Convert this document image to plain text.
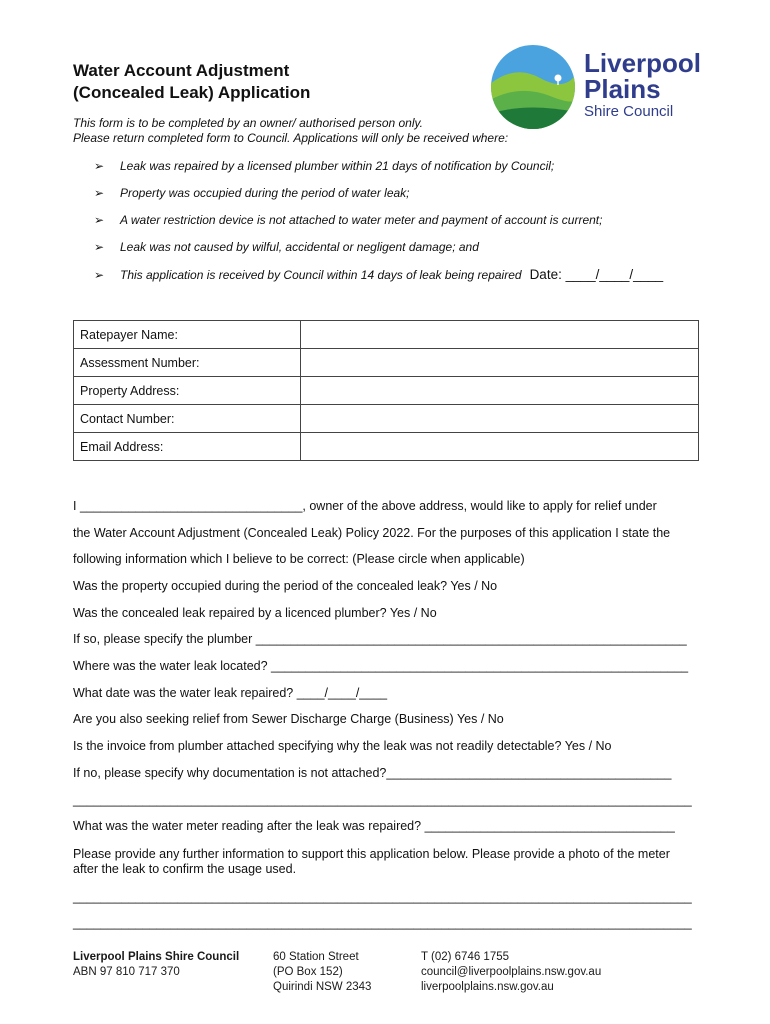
Water Account Adjustment
(Concealed Leak) Application
Liverpool
Plains
Shire Council
This form is to be completed by an owner/ authorised person only.
Please return completed form to Council. Applications will only be received where:
➢ Leak was repaired by a licensed plumber within 21 days of notification by Council;
➢ Property was occupied during the period of water leak;
➢ A water restriction device is not attached to water meter and payment of account is current;
➢ Leak was not caused by wilful, accidental or negligent damage; and
➢ This application is received by Council within 14 days of leak being repaired Date: ____/____/____
Ratepayer Name:	
Assessment Number:	
Property Address:	
Contact Number:	
Email Address:	
I ________________________________, owner of the above address, would like to apply for relief under
the Water Account Adjustment (Concealed Leak) Policy 2022. For the purposes of this application I state the
following information which I believe to be correct: (Please circle when applicable)
Was the property occupied during the period of the concealed leak? Yes / No
Was the concealed leak repaired by a licenced plumber? Yes / No
If so, please specify the plumber ______________________________________________________________
Where was the water leak located? ____________________________________________________________
What date was the water leak repaired? ____/____/____
Are you also seeking relief from Sewer Discharge Charge (Business) Yes / No
Is the invoice from plumber attached specifying why the leak was not readily detectable? Yes / No
If no, please specify why documentation is not attached?_________________________________________
_________________________________________________________________________________________
What was the water meter reading after the leak was repaired? ____________________________________
Please provide any further information to support this application below. Please provide a photo of the meter after the leak to confirm the usage used.
_________________________________________________________________________________________
_________________________________________________________________________________________
Liverpool Plains Shire Council
ABN 97 810 717 370
60 Station Street
(PO Box 152)
Quirindi NSW 2343
T (02) 6746 1755
council@liverpoolplains.nsw.gov.au
liverpoolplains.nsw.gov.au
